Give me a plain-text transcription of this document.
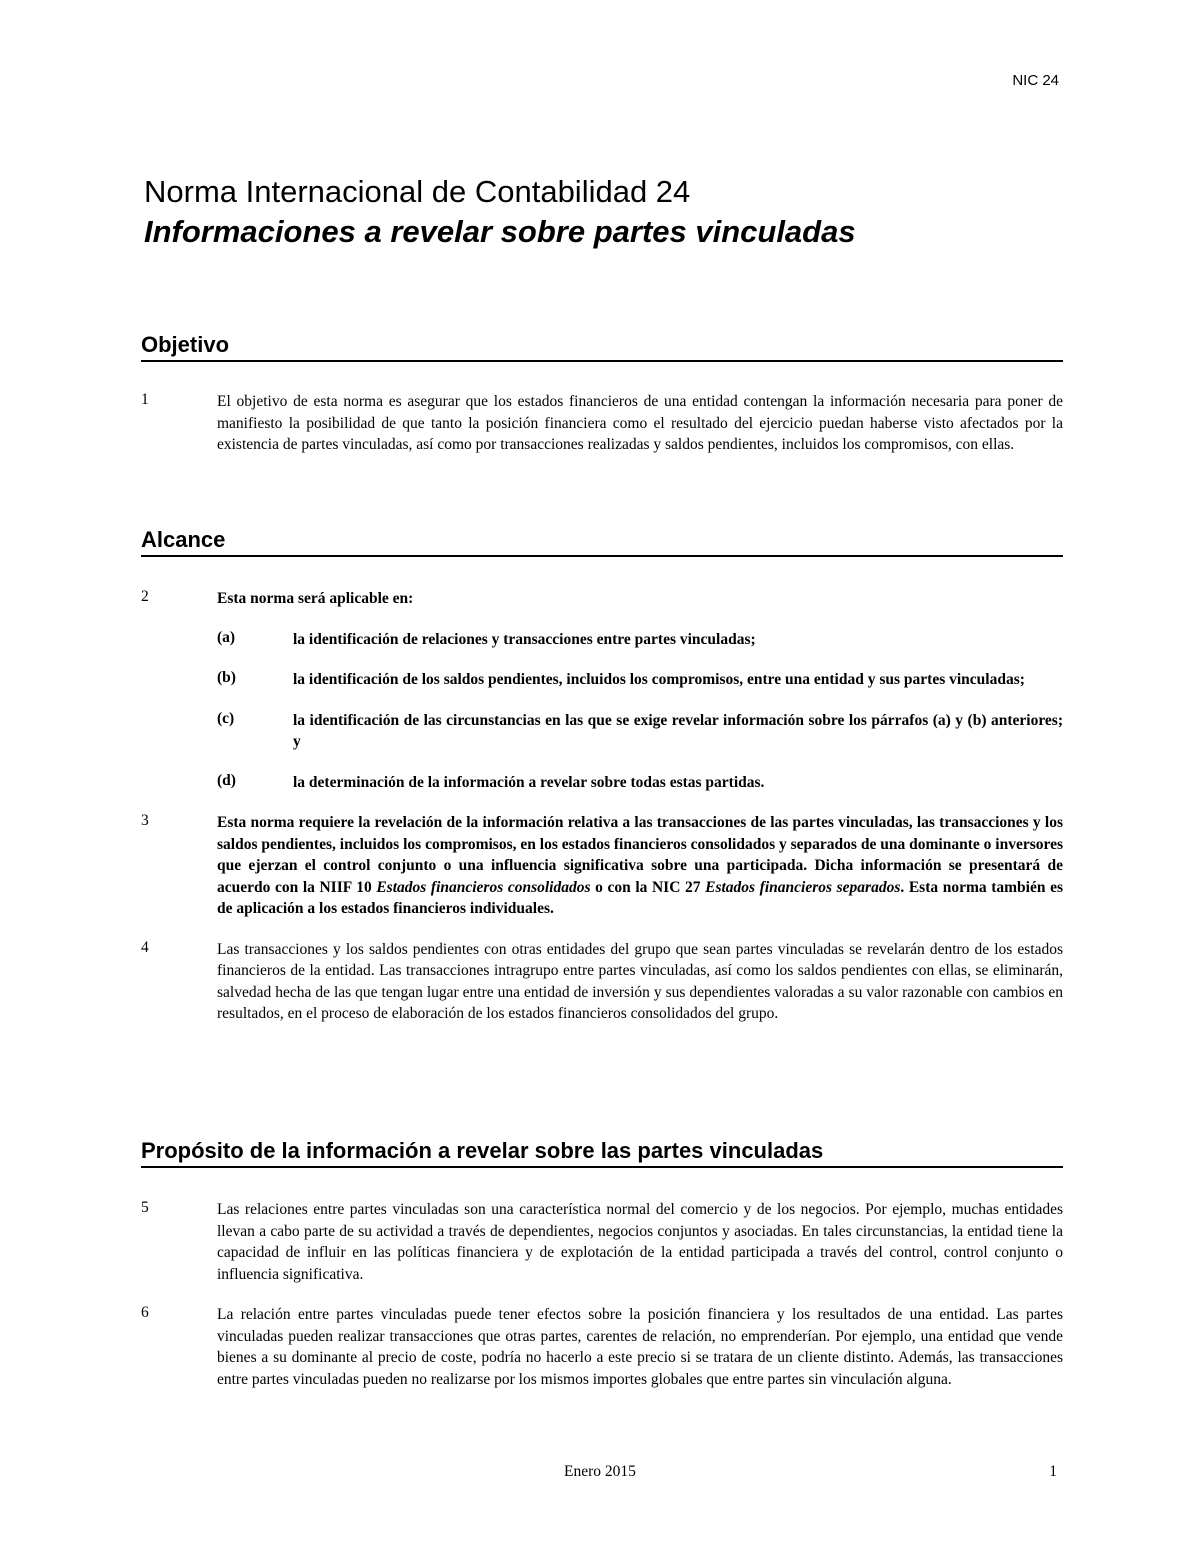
NIC 24
Norma Internacional de Contabilidad 24
Informaciones a revelar sobre partes vinculadas
Objetivo
1	El objetivo de esta norma es asegurar que los estados financieros de una entidad contengan la información necesaria para poner de manifiesto la posibilidad de que tanto la posición financiera como el resultado del ejercicio puedan haberse visto afectados por la existencia de partes vinculadas, así como por transacciones realizadas y saldos pendientes, incluidos los compromisos, con ellas.
Alcance
2	Esta norma será aplicable en:
(a)	la identificación de relaciones y transacciones entre partes vinculadas;
(b)	la identificación de los saldos pendientes, incluidos los compromisos, entre una entidad y sus partes vinculadas;
(c)	la identificación de las circunstancias en las que se exige revelar información sobre los párrafos (a) y (b) anteriores; y
(d)	la determinación de la información a revelar sobre todas estas partidas.
3	Esta norma requiere la revelación de la información relativa a las transacciones de las partes vinculadas, las transacciones y los saldos pendientes, incluidos los compromisos, en los estados financieros consolidados y separados de una dominante o inversores que ejerzan el control conjunto o una influencia significativa sobre una participada. Dicha información se presentará de acuerdo con la NIIF 10 Estados financieros consolidados o con la NIC 27 Estados financieros separados. Esta norma también es de aplicación a los estados financieros individuales.
4	Las transacciones y los saldos pendientes con otras entidades del grupo que sean partes vinculadas se revelarán dentro de los estados financieros de la entidad. Las transacciones intragrupo entre partes vinculadas, así como los saldos pendientes con ellas, se eliminarán, salvedad hecha de las que tengan lugar entre una entidad de inversión y sus dependientes valoradas a su valor razonable con cambios en resultados, en el proceso de elaboración de los estados financieros consolidados del grupo.
Propósito de la información a revelar sobre las partes vinculadas
5	Las relaciones entre partes vinculadas son una característica normal del comercio y de los negocios. Por ejemplo, muchas entidades llevan a cabo parte de su actividad a través de dependientes, negocios conjuntos y asociadas. En tales circunstancias, la entidad tiene la capacidad de influir en las políticas financiera y de explotación de la entidad participada a través del control, control conjunto o influencia significativa.
6	La relación entre partes vinculadas puede tener efectos sobre la posición financiera y los resultados de una entidad. Las partes vinculadas pueden realizar transacciones que otras partes, carentes de relación, no emprenderían. Por ejemplo, una entidad que vende bienes a su dominante al precio de coste, podría no hacerlo a este precio si se tratara de un cliente distinto. Además, las transacciones entre partes vinculadas pueden no realizarse por los mismos importes globales que entre partes sin vinculación alguna.
Enero 2015	1
